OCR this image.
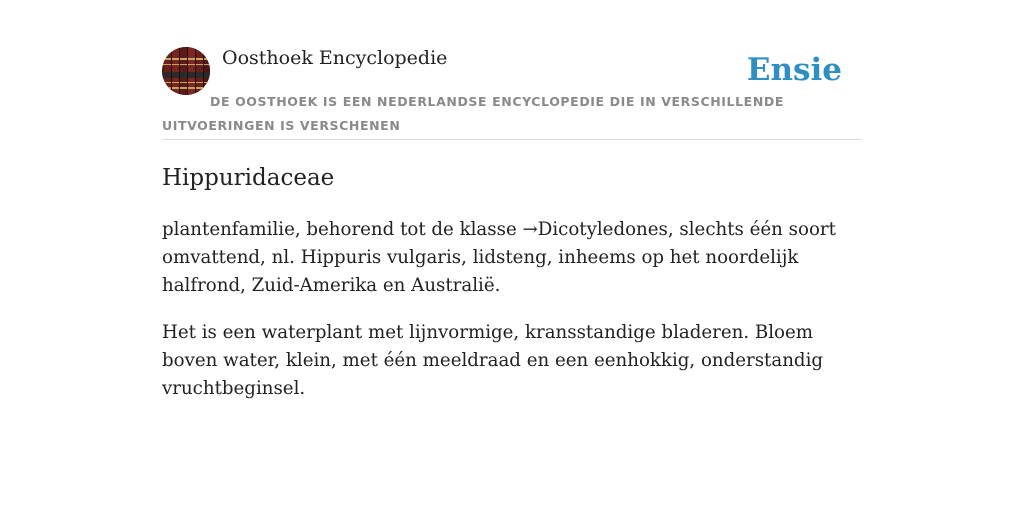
Oosthoek Encyclopedie	Ensie
DE OOSTHOEK IS EEN NEDERLANDSE ENCYCLOPEDIE DIE IN VERSCHILLENDE UITVOERINGEN IS VERSCHENEN
Hippuridaceae

plantenfamilie, behorend tot de klasse →Dicotyledones, slechts één soort omvattend, nl. Hippuris vulgaris, lidsteng, inheems op het noordelijk halfrond, Zuid-Amerika en Australië.

Het is een waterplant met lijnvormige, kransstandige bladeren. Bloem boven water, klein, met één meeldraad en een eenhokkig, onderstandig vruchtbeginsel.
